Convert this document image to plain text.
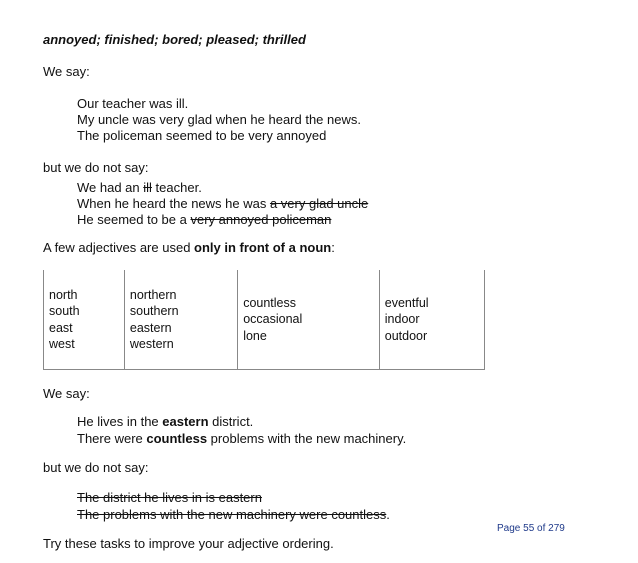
annoyed; finished; bored; pleased; thrilled
We say:
Our teacher was ill.
My uncle was very glad when he heard the news.
The policeman seemed to be very annoyed
but we do not say:
We had an ill teacher.
When he heard the news he was a very glad uncle
He seemed to be a very annoyed policeman
A few adjectives are used only in front of a noun:
north
south
east
west

northern
southern
eastern
western

countless
occasional
lone

eventful
indoor
outdoor
We say:
He lives in the eastern district.
There were countless problems with the new machinery.
but we do not say:
The district he lives in is eastern
The problems with the new machinery were countless.
Page 55 of 279
Try these tasks to improve your adjective ordering.
